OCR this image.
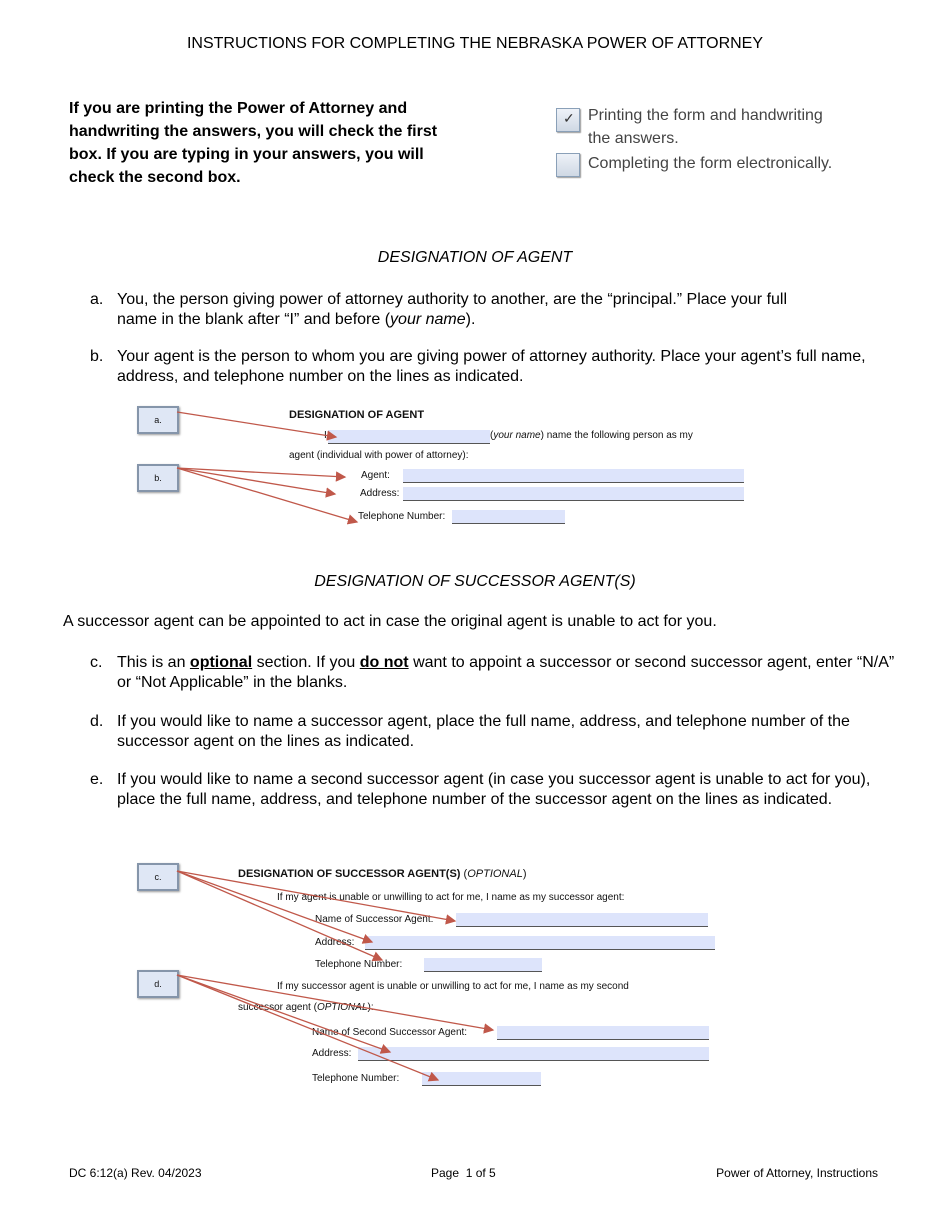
INSTRUCTIONS FOR COMPLETING THE NEBRASKA POWER OF ATTORNEY
If you are printing the Power of Attorney and
handwriting the answers, you will check the first
box. If you are typing in your answers, you will
check the second box.
✓ Printing the form and handwriting
the answers.
Completing the form electronically.
DESIGNATION OF AGENT
a. You, the person giving power of attorney authority to another, are the “principal.” Place your full name in the blank after “I” and before (your name).
b. Your agent is the person to whom you are giving power of attorney authority. Place your agent’s full name, address, and telephone number on the lines as indicated.
a.
b.
DESIGNATION OF AGENT
I	(your name) name the following person as my
agent (individual with power of attorney):
Agent:
Address:
Telephone Number:
DESIGNATION OF SUCCESSOR AGENT(S)
A successor agent can be appointed to act in case the original agent is unable to act for you.
c. This is an optional section. If you do not want to appoint a successor or second successor agent, enter “N/A” or “Not Applicable” in the blanks.
d. If you would like to name a successor agent, place the full name, address, and telephone number of the successor agent on the lines as indicated.
e. If you would like to name a second successor agent (in case you successor agent is unable to act for you), place the full name, address, and telephone number of the successor agent on the lines as indicated.
c.
d.
DESIGNATION OF SUCCESSOR AGENT(S) (OPTIONAL)
If my agent is unable or unwilling to act for me, I name as my successor agent:
Name of Successor Agent:
Address:
Telephone Number:
If my successor agent is unable or unwilling to act for me, I name as my second
successor agent (OPTIONAL):
Name of Second Successor Agent:
Address:
Telephone Number:
DC 6:12(a) Rev. 04/2023	Page  1 of 5	Power of Attorney, Instructions
